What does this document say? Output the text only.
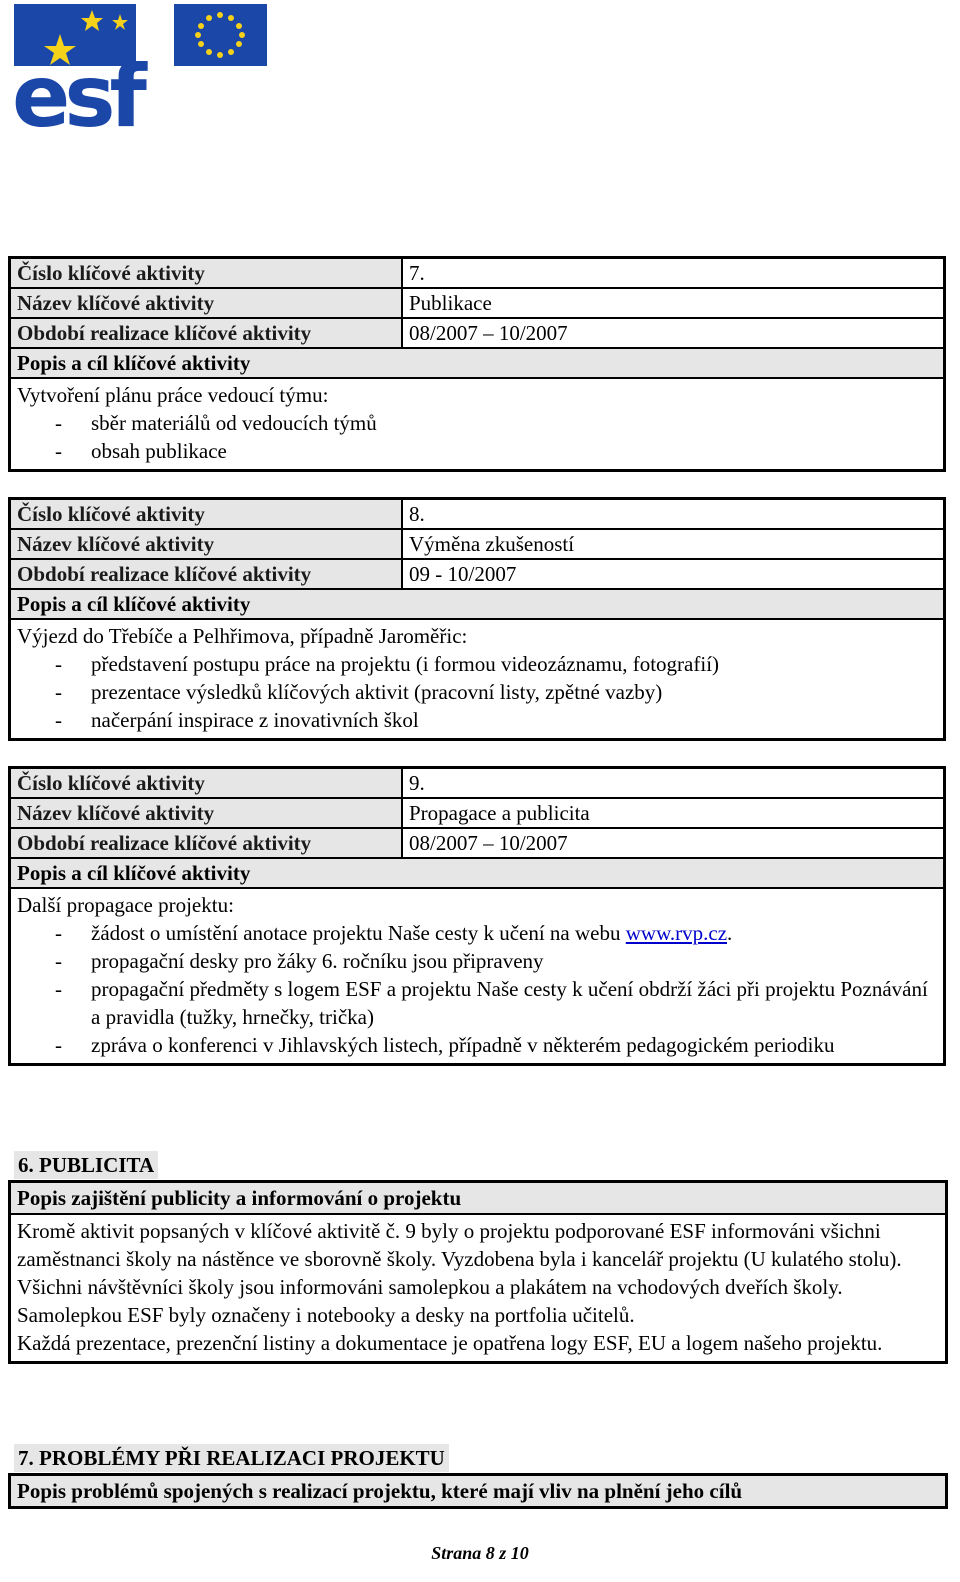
esf
Číslo klíčové aktivity	7.
Název klíčové aktivity	Publikace
Období realizace klíčové aktivity	08/2007 – 10/2007
Popis a cíl klíčové aktivity
Vytvoření plánu práce vedoucí týmu:
- sběr materiálů od vedoucích týmů
- obsah publikace
Číslo klíčové aktivity	8.
Název klíčové aktivity	Výměna zkušeností
Období realizace klíčové aktivity	09 - 10/2007
Popis a cíl klíčové aktivity
Výjezd do Třebíče a Pelhřimova, případně Jaroměřic:
- představení postupu práce na projektu (i formou videozáznamu, fotografií)
- prezentace výsledků klíčových aktivit (pracovní listy, zpětné vazby)
- načerpání inspirace z inovativních škol
Číslo klíčové aktivity	9.
Název klíčové aktivity	Propagace a publicita
Období realizace klíčové aktivity	08/2007 – 10/2007
Popis a cíl klíčové aktivity
Další propagace projektu:
- žádost o umístění anotace projektu Naše cesty k učení na webu www.rvp.cz.
- propagační desky pro žáky 6. ročníku jsou připraveny
- propagační předměty s logem ESF a projektu Naše cesty k učení obdrží žáci při projektu Poznávání a pravidla (tužky, hrnečky, trička)
- zpráva o konferenci v Jihlavských listech, případně v některém pedagogickém periodiku
6. PUBLICITA
Popis zajištění publicity a informování o projektu
Kromě aktivit popsaných v klíčové aktivitě č. 9 byly o projektu podporované ESF informováni všichni zaměstnanci školy na nástěnce ve sborovně školy. Vyzdobena byla i kancelář projektu (U kulatého stolu). Všichni návštěvníci školy jsou informováni samolepkou a plakátem na vchodových dveřích školy.
Samolepkou ESF byly označeny i notebooky a desky na portfolia učitelů.
Každá prezentace, prezenční listiny a dokumentace je opatřena logy ESF, EU a logem našeho projektu.
7. PROBLÉMY PŘI REALIZACI PROJEKTU
Popis problémů spojených s realizací projektu, které mají vliv na plnění jeho cílů
Strana 8 z 10
